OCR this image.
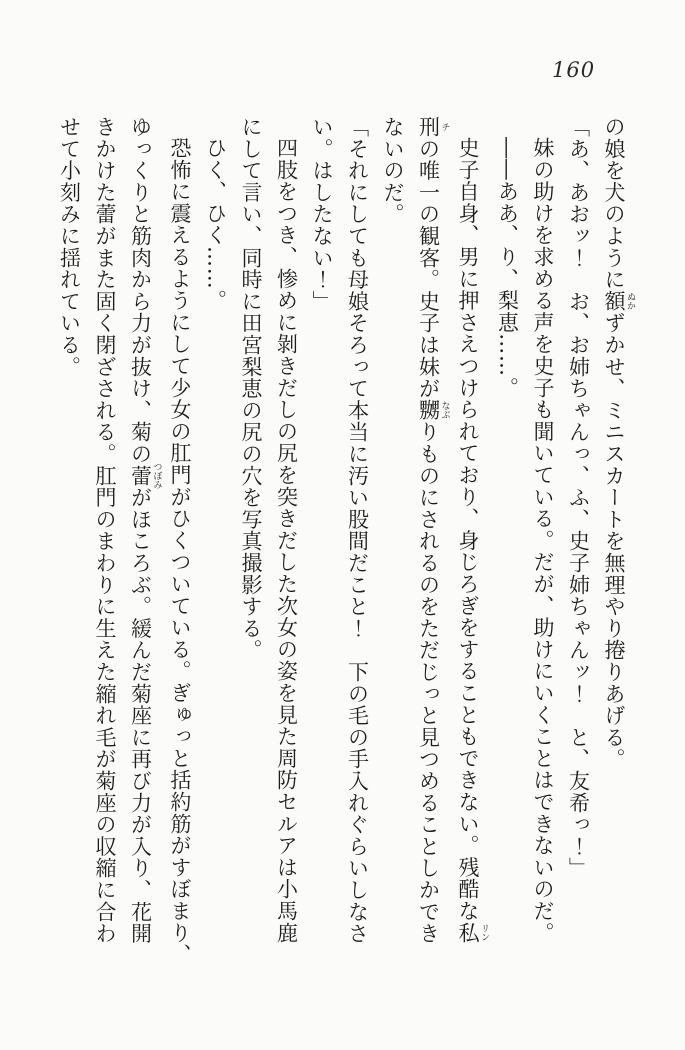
160
の娘を犬のように額 ぬかずかせ、ミニスカートを無理やり捲りあげる。
「あ、あおッ！　お、お姉ちゃんっ、ふ、史子姉ちゃんッ！　と、友希っ！」
妹の助けを求める声を史子も聞いている。だが、助けにいくことはできないのだ。
――ああ、り、梨恵……。
史子自身、男に押さえつけられており、身じろぎをすることもできない。残酷な私 リン
刑 チの唯一の観客。史子は妹が嬲 なぶりものにされるのをただじっと見つめることしかでき
ないのだ。
「それにしても母娘そろって本当に汚い股間だこと！　下の毛の手入れぐらいしなさ
い。はしたない！」
四肢をつき、惨めに剝きだしの尻を突きだした次女の姿を見た周防セルアは小馬鹿
にして言い、同時に田宮梨恵の尻の穴を写真撮影する。
ひく、ひく……。
恐怖に震えるようにして少女の肛門がひくついている。ぎゅっと括約筋がすぼまり、
ゆっくりと筋肉から力が抜け、菊の蕾 つぼみがほころぶ。緩んだ菊座に再び力が入り、花開
きかけた蕾がまた固く閉ざされる。肛門のまわりに生えた縮れ毛が菊座の収縮に合わ
せて小刻みに揺れている。
